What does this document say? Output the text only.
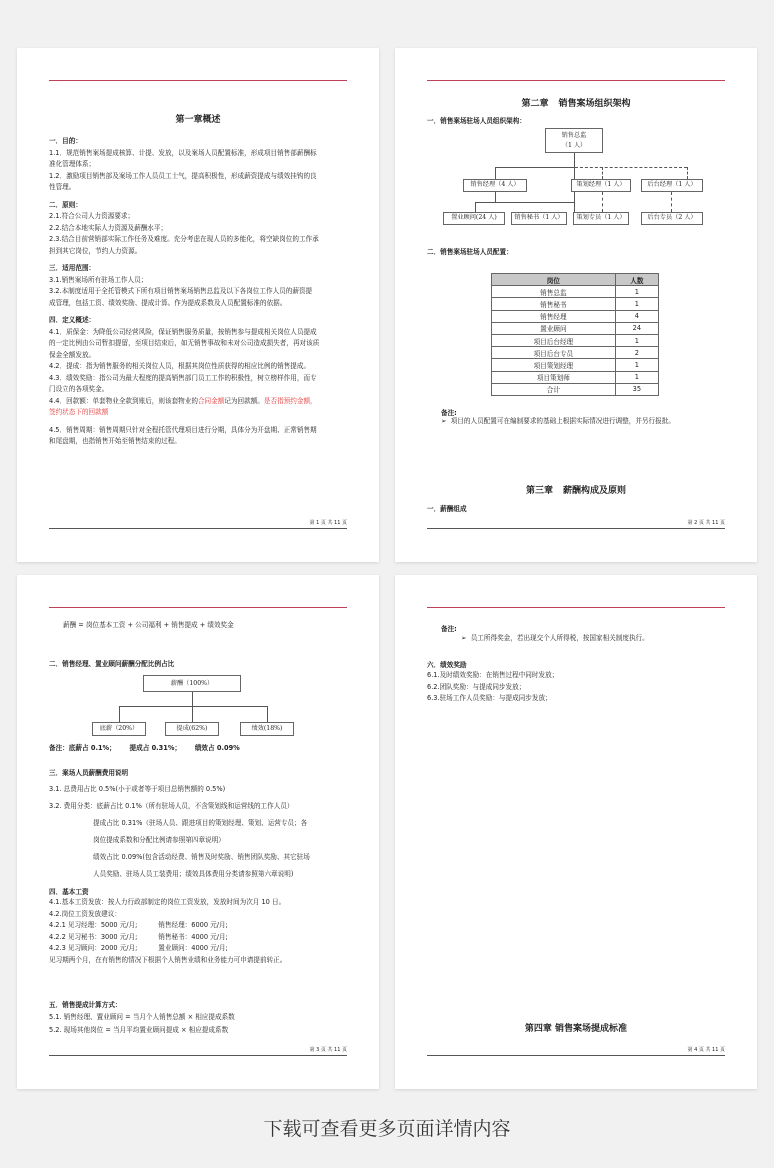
第一章概述
一．目的：
1.1．规范销售案场提成核算、计提、发放，以及案场人员配置标准，形成项目销售部薪酬标
准化管理体系；
1.2．激励项目销售部及案场工作人员员工士气，提高积极性，形成薪资提成与绩效挂钩的良
性管理。

二．原则：
2.1.符合公司人力资源要求；
2.2.结合本地实际人力资源及薪酬水平；
2.3.结合目前营销部实际工作任务及难度。充分考虑在现人员的多能化，将空缺岗位的工作承
担到其它岗位，节约人力资源。

三．适用范围：
3.1.销售案场所有驻场工作人员；
3.2.本制度适用于全托管模式下所有项目销售案场销售总监及以下各岗位工作人员的薪资提
成管理，包括工资、绩效奖励、提成计算。作为提成系数及人员配置标准的依据。

四．定义概述：
4.1．质保金：为降低公司经营风险，保证销售服务质量，按销售参与提成相关岗位人员提成
的一定比例由公司暂扣提留，至项目结束后，如无销售事故和未对公司造成损失者，再对该质
保金全额发放。
4.2．提成：指为销售服务的相关岗位人员，根据其岗位性质获得的相应比例的销售提成。
4.3．绩效奖励：指公司为最大程度的提高销售部门员工工作的积极性，树立榜样作用，而专
门设立的各项奖金。
4.4．回款额：单套物业全款到账后，则该套物业的合同金额记为回款额。是否指预约金额，
签约状态下的回款额

4.5．销售周期：销售周期只针对全程托管代理项目进行分期，具体分为开盘期、正常销售期
和尾盘期，也指销售开始至销售结束的过程。
第 1 页 共 11 页
第二章 销售案场组织架构
一．销售案场驻场人员组织架构：
销售总监
（1 人）
销售经理（4 人）	策划经理（1 人）	后台经理（1 人）
置业顾问(24 人)	销售秘书（1 人）	策划专员（1 人）	后台专员（2 人）
二．销售案场驻场人员配置：
岗位	人数
销售总监	1
销售秘书	1
销售经理	4
置业顾问	24
项目后台经理	1
项目后台专员	2
项目策划经理	1
项目策划师	1
合计	35
备注:
➢  项目的人员配置可在编制要求的基础上根据实际情况进行调整，并另行报批。
第三章 薪酬构成及原则
一．薪酬组成
第 2 页 共 11 页
薪酬 = 岗位基本工资 + 公司福利 + 销售提成 + 绩效奖金
二．销售经理、置业顾问薪酬分配比例占比
薪酬（100%）
底薪（20%）	提成(62%)	绩效(18%)
备注：底薪占 0.1%；      提成占 0.31%；      绩效占 0.09%
三．案场人员薪酬费用说明
3.1. 总费用占比 0.5%(小于或者等于项目总销售额的 0.5%)
3.2. 费用分类：底薪占比 0.1%（所有驻场人员，不含策划线和运营线的工作人员）
提成占比 0.31%（驻场人员、跟进项目的策划经理、策划、运营专员；各
岗位提成系数和分配比例请参照第四章说明）
绩效占比 0.09%(包含活动经费、销售及时奖励、销售团队奖励、其它驻场
人员奖励、驻场人员工装费用；绩效具体费用分类请参照第六章说明)
四．基本工资
4.1.基本工资发放：按人力行政部制定的岗位工资发放，发放时间为次月 10 日。
4.2.岗位工资发放建议：
4.2.1 见习经理：5000 元/月;          销售经理：6000 元/月;
4.2.2 见习秘书：3000 元/月;          销售秘书：4000 元/月;
4.2.3 见习顾问：2000 元/月;          置业顾问：4000 元/月;
见习期两个月，在有销售的情况下根据个人销售业绩和业务能力可申请提前转正。
五．销售提成计算方式：
5.1. 销售经理、置业顾问 = 当月个人销售总额 × 相应提成系数
5.2. 现场其他岗位 = 当月平均置业顾问提成 × 相应提成系数
第 3 页 共 11 页
备注:
➢  员工所得奖金，若出现交个人所得税，按国家相关制度执行。
六．绩效奖励
6.1.及时绩效奖励：在销售过程中同时发放；
6.2.团队奖励：与提成同步发放；
6.3.驻场工作人员奖励：与提成同步发放；
第四章 销售案场提成标准
第 4 页 共 11 页
下载可查看更多页面详情内容
